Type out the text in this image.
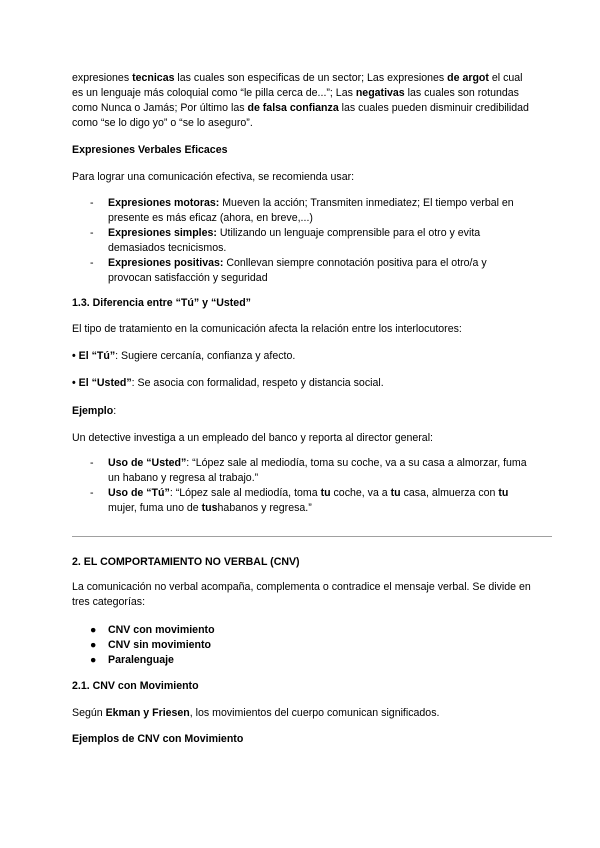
expresiones tecnicas las cuales son especificas de un sector; Las expresiones de argot el cual es un lenguaje más coloquial como “le pilla cerca de...”; Las negativas las cuales son rotundas como Nunca o Jamás; Por último las de falsa confianza las cuales pueden disminuir credibilidad como “se lo digo yo” o “se lo aseguro”.

Expresiones Verbales Eficaces

Para lograr una comunicación efectiva, se recomienda usar:

- Expresiones motoras: Mueven la acción; Transmiten inmediatez; El tiempo verbal en presente es más eficaz (ahora, en breve,...)
- Expresiones simples: Utilizando un lenguaje comprensible para el otro y evita demasiados tecnicismos.
- Expresiones positivas: Conllevan siempre connotación positiva para el otro/a y provocan satisfacción y seguridad

1.3. Diferencia entre “Tú” y “Usted”

El tipo de tratamiento en la comunicación afecta la relación entre los interlocutores:

• El “Tú”: Sugiere cercanía, confianza y afecto.

• El “Usted”: Se asocia con formalidad, respeto y distancia social.

Ejemplo:

Un detective investiga a un empleado del banco y reporta al director general:

- Uso de “Usted”: “López sale al mediodía, toma su coche, va a su casa a almorzar, fuma un habano y regresa al trabajo.”
- Uso de “Tú”: “López sale al mediodía, toma tu coche, va a tu casa, almuerza con tu mujer, fuma uno de tushabanos y regresa.”

2. EL COMPORTAMIENTO NO VERBAL (CNV)

La comunicación no verbal acompaña, complementa o contradice el mensaje verbal. Se divide en tres categorías:

● CNV con movimiento
● CNV sin movimiento
● Paralenguaje

2.1. CNV con Movimiento

Según Ekman y Friesen, los movimientos del cuerpo comunican significados.

Ejemplos de CNV con Movimiento
